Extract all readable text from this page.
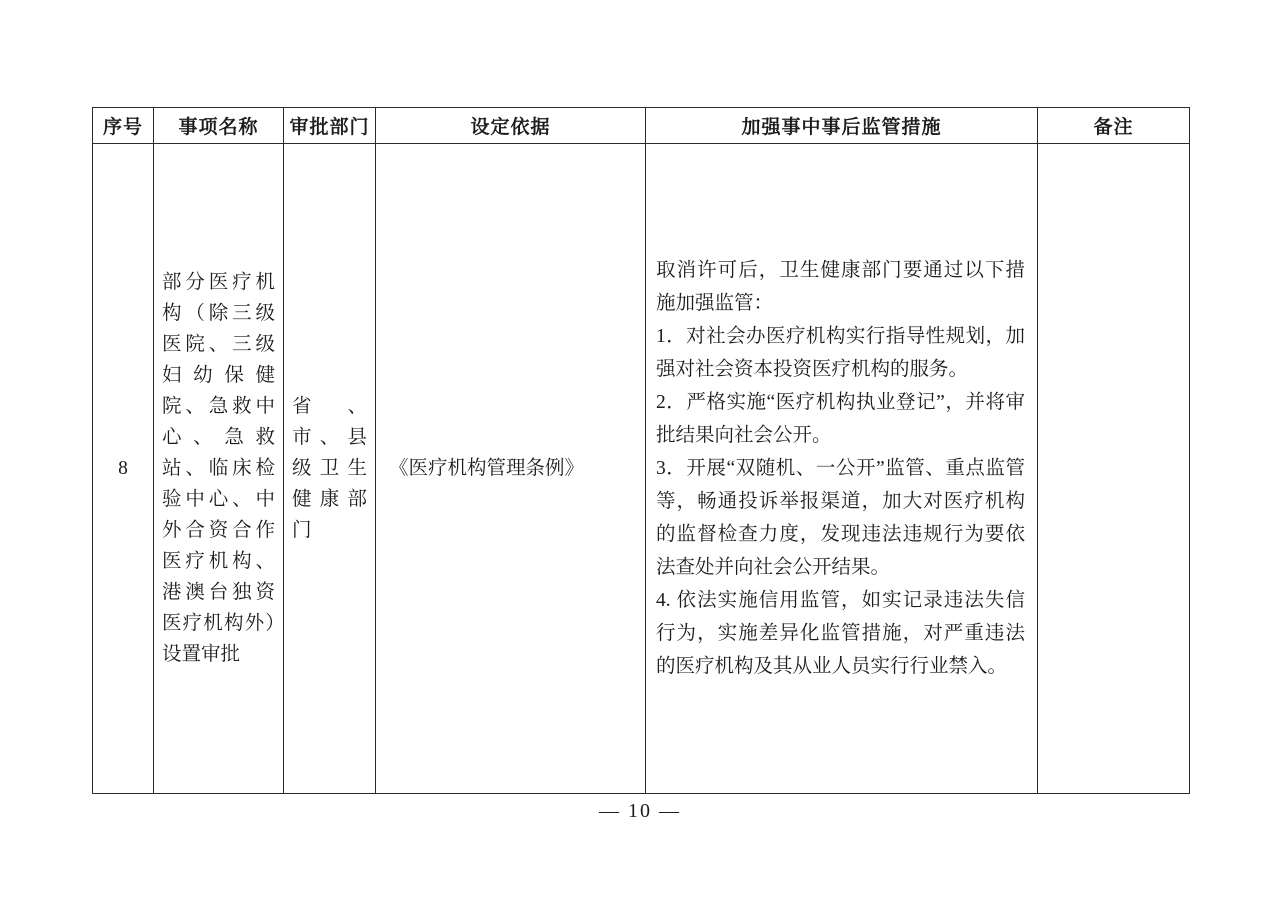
序号	事项名称	审批部门	设定依据	加强事中事后监管措施	备注
8	部分医疗机构（除三级医院、三级妇幼保健院、急救中心、急救站、临床检验中心、中外合资合作医疗机构、港澳台独资医疗机构外）设置审批	省、市、县级卫生健康部门	《医疗机构管理条例》	取消许可后，卫生健康部门要通过以下措施加强监管：

1．对社会办医疗机构实行指导性规划，加强对社会资本投资医疗机构的服务。

2．严格实施“医疗机构执业登记”，并将审批结果向社会公开。

3．开展“双随机、一公开”监管、重点监管等，畅通投诉举报渠道，加大对医疗机构的监督检查力度，发现违法违规行为要依法查处并向社会公开结果。

4. 依法实施信用监管，如实记录违法失信行为，实施差异化监管措施，对严重违法的医疗机构及其从业人员实行行业禁入。	

— 10 —
